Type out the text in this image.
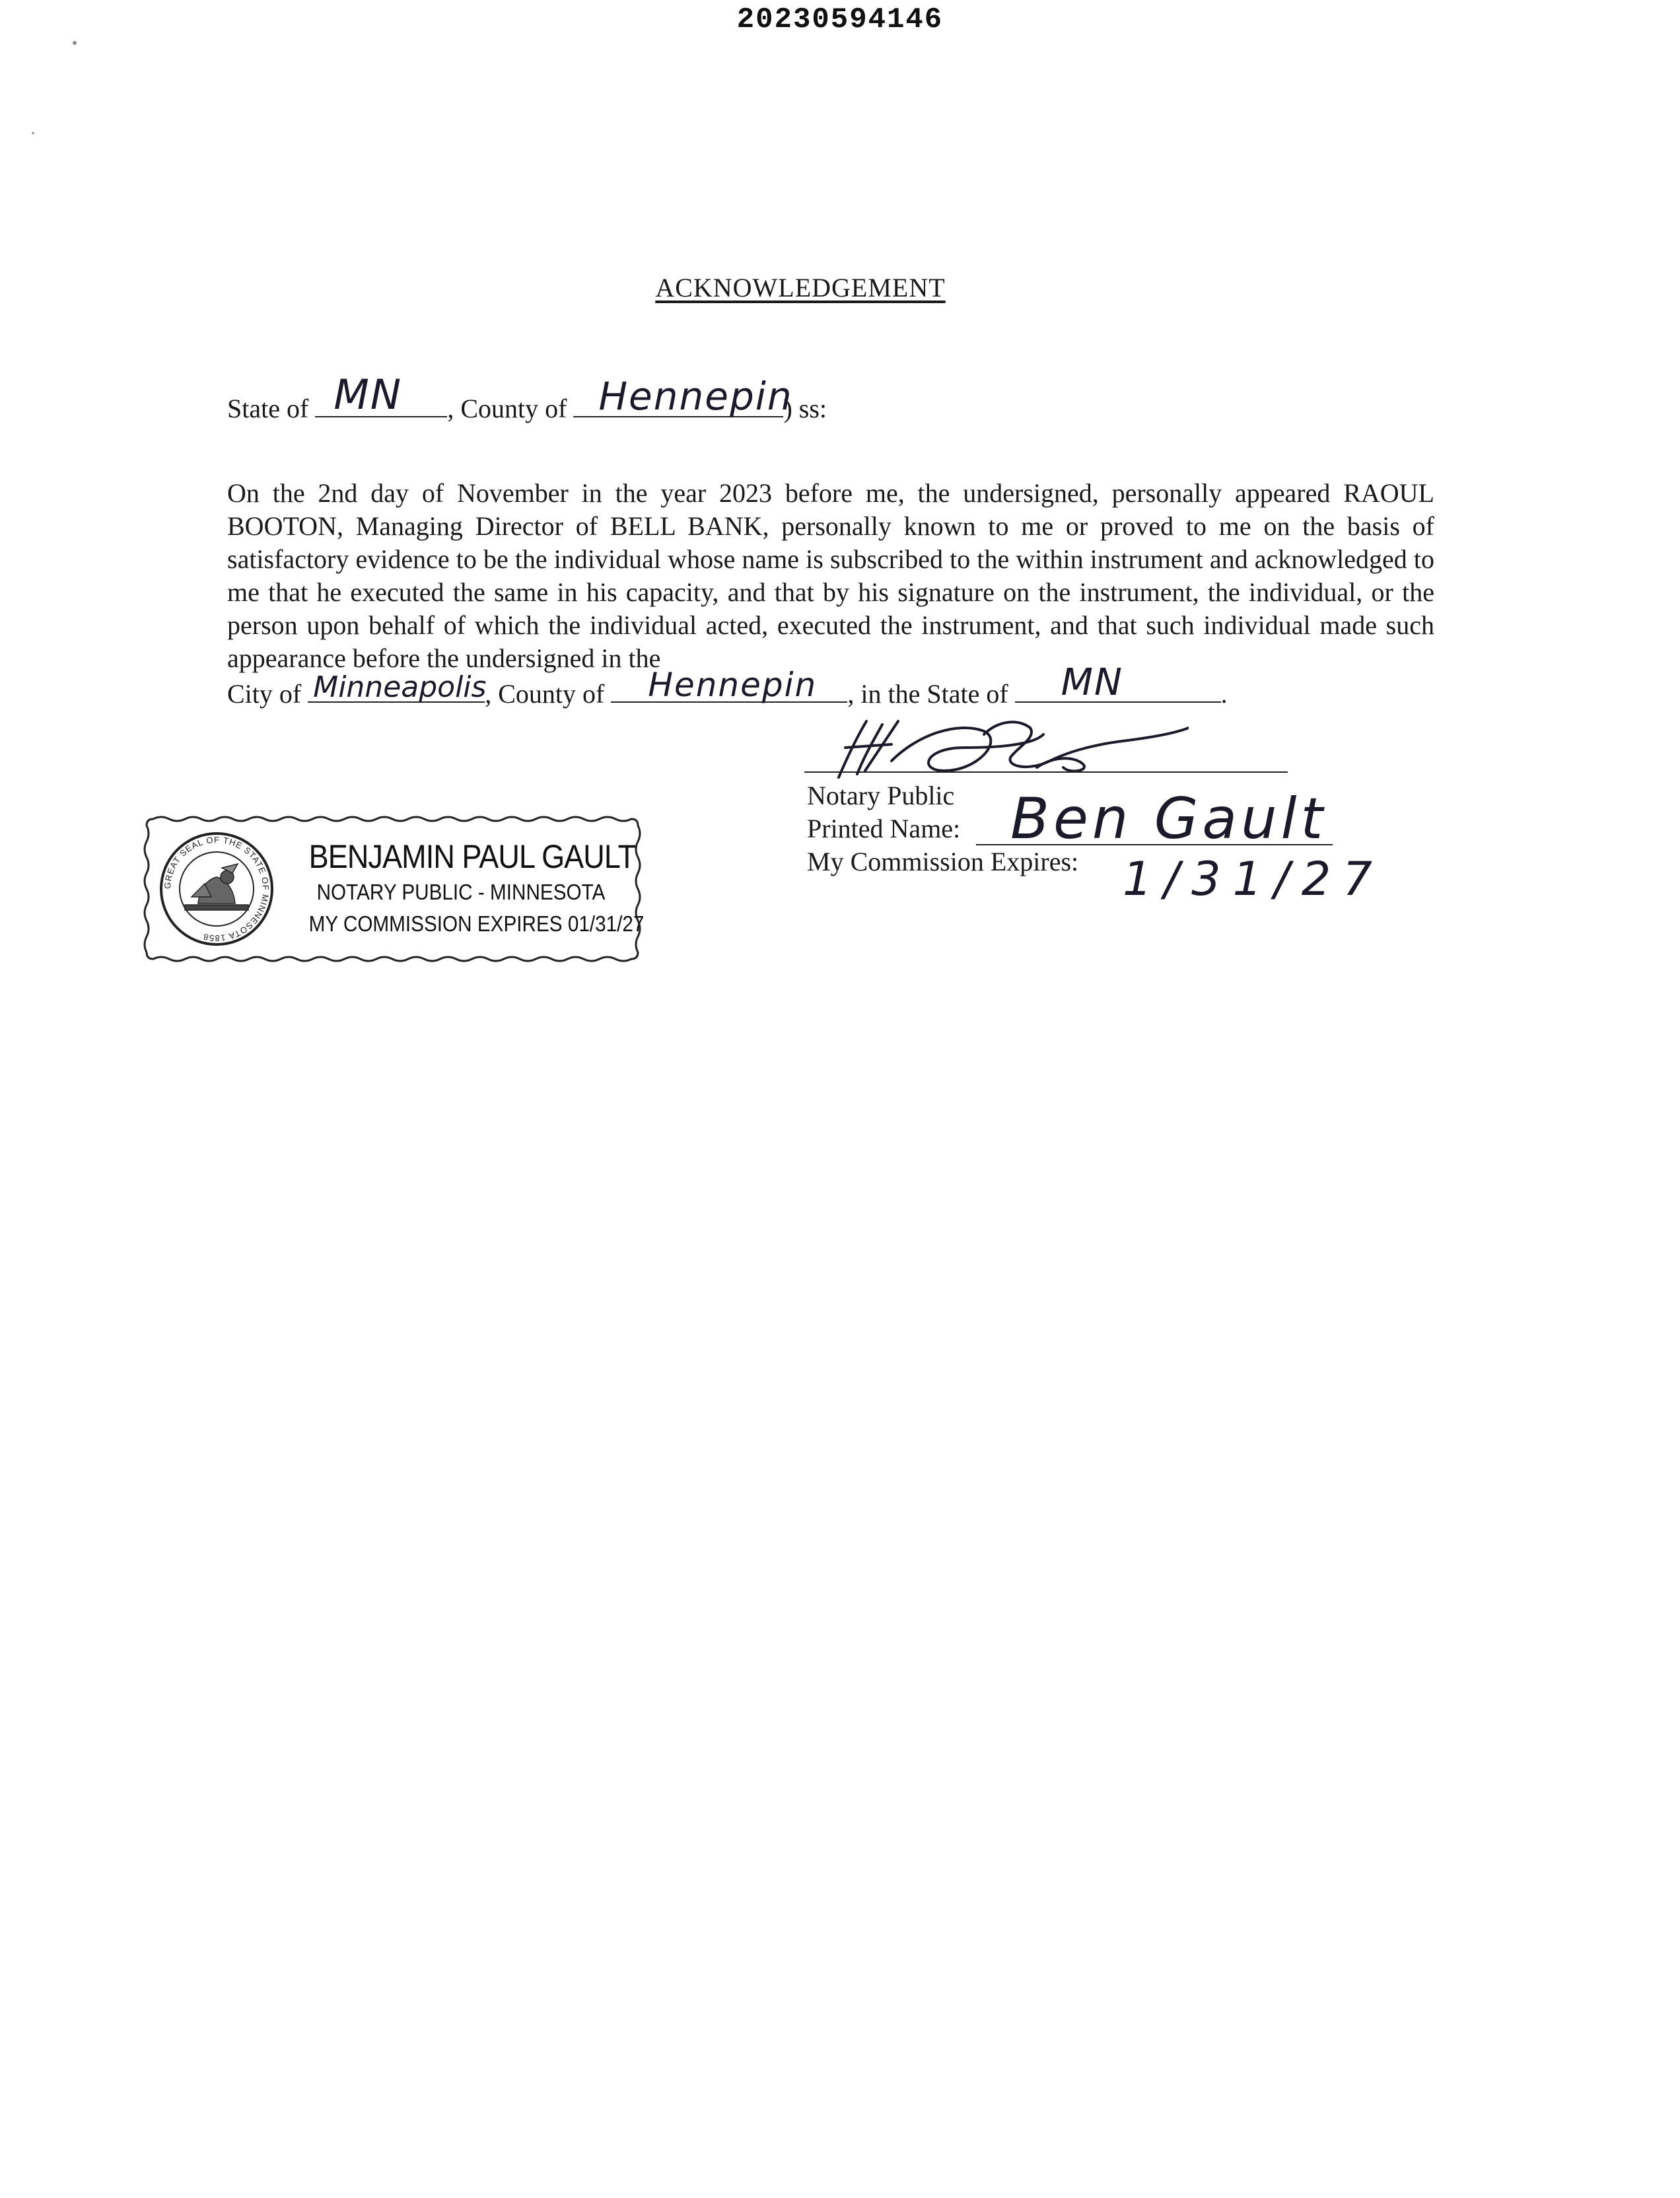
20230594146
ACKNOWLEDGEMENT
State of MN , County of Hennepin
) ss:
On the 2nd day of November in the year 2023 before me, the undersigned, personally appeared RAOUL BOOTON, Managing Director of BELL BANK, personally known to me or proved to me on the basis of satisfactory evidence to be the individual whose name is subscribed to the within instrument and acknowledged to me that he executed the same in his capacity, and that by his signature on the instrument, the individual, or the person upon behalf of which the individual acted, executed the instrument, and that such individual made such appearance before the undersigned in the
City of Minneapolis
, County of Hennepin , in the State of MN	.
Notary Public
Printed Name: Ben Gault
My Commission Expires: 1/31/27
GREAT SEAL OF THE STATE OF MINNESOTA 1858
BENJAMIN PAUL GAULT
NOTARY PUBLIC - MINNESOTA
MY COMMISSION EXPIRES 01/31/27
